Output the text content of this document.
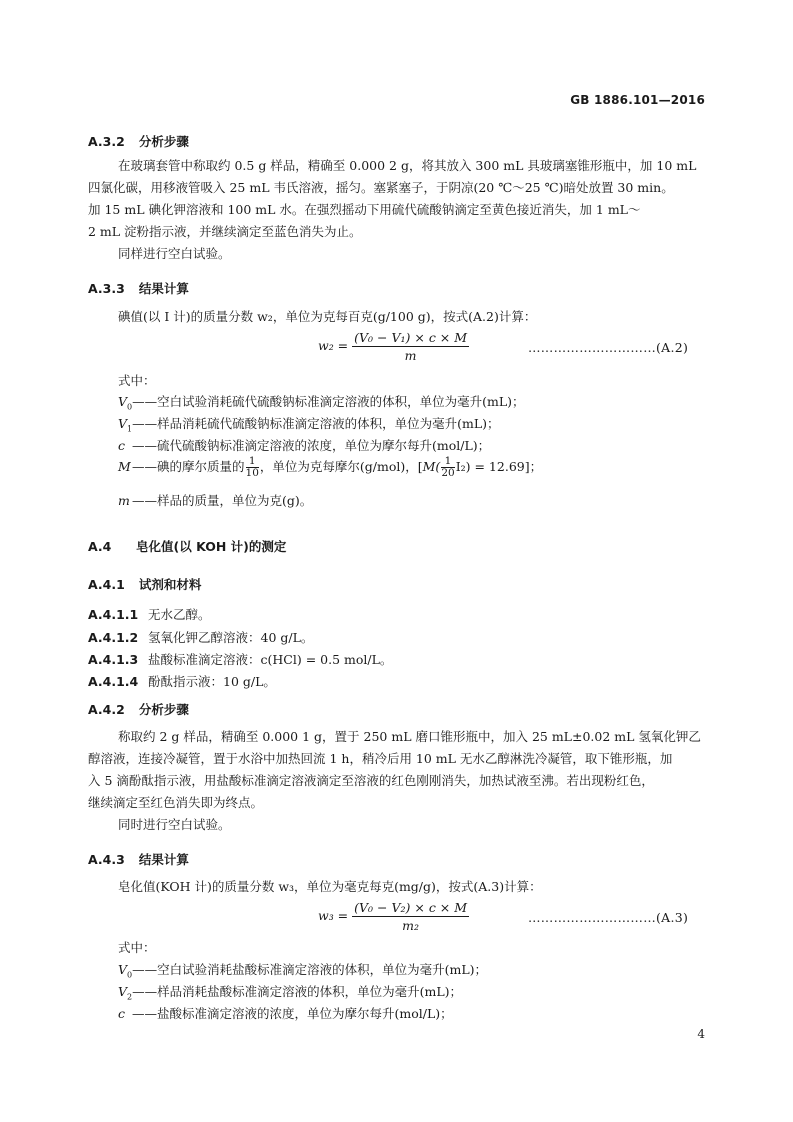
GB 1886.101—2016
A.3.2 分析步骤
在玻璃套管中称取约 0.5 g 样品，精确至 0.000 2 g，将其放入 300 mL 具玻璃塞锥形瓶中，加 10 mL
四氯化碳，用移液管吸入 25 mL 韦氏溶液，摇匀。塞紧塞子，于阴凉(20 ℃～25 ℃)暗处放置 30 min。
加 15 mL 碘化钾溶液和 100 mL 水。在强烈摇动下用硫代硫酸钠滴定至黄色接近消失，加 1 mL～
2 mL 淀粉指示液，并继续滴定至蓝色消失为止。
同样进行空白试验。
A.3.3 结果计算
碘值(以 I 计)的质量分数 w₂，单位为克每百克(g/100 g)，按式(A.2)计算：
$w_2 = \frac{\text{(V₀ − V₁) × c × M}}{m}$	…………………………(A.2)
式中：
$V_0——$空白试验消耗硫代硫酸钠标准滴定溶液的体积，单位为毫升(mL)；
$V_1——$样品消耗硫代硫酸钠标准滴定溶液的体积，单位为毫升(mL)；
c ——硫代硫酸钠标准滴定溶液的浓度，单位为摩尔每升(mol/L)；
M——碘的摩尔质量的 $\frac{1}{10}$ ，单位为克每摩尔(g/mol)，$[M( \frac{1}{20} I_2) = 12.69]$；
m ——样品的质量，单位为克(g)。
A.4 皂化值(以 KOH 计)的测定
A.4.1 试剂和材料
A.4.1.1 无水乙醇。
A.4.1.2 氢氧化钾乙醇溶液：40 g/L。
A.4.1.3 盐酸标准滴定溶液：c(HCl) = 0.5 mol/L。
A.4.1.4 酚酞指示液：10 g/L。
A.4.2 分析步骤
称取约 2 g 样品，精确至 0.000 1 g，置于 250 mL 磨口锥形瓶中，加入 25 mL±0.02 mL 氢氧化钾乙
醇溶液，连接冷凝管，置于水浴中加热回流 1 h，稍冷后用 10 mL 无水乙醇淋洗冷凝管，取下锥形瓶，加
入 5 滴酚酞指示液，用盐酸标准滴定溶液滴定至溶液的红色刚刚消失，加热试液至沸。若出现粉红色，
继续滴定至红色消失即为终点。
同时进行空白试验。
A.4.3 结果计算
皂化值(KOH 计)的质量分数 w₃，单位为毫克每克(mg/g)，按式(A.3)计算：
$w_3 = \frac{\text{(V₀ − V₂) × c × M}}{\text{m₂}}$	…………………………(A.3)
式中：
$V_0——$空白试验消耗盐酸标准滴定溶液的体积，单位为毫升(mL)；
$V_2——$样品消耗盐酸标准滴定溶液的体积，单位为毫升(mL)；
c ——盐酸标准滴定溶液的浓度，单位为摩尔每升(mol/L)；
4
